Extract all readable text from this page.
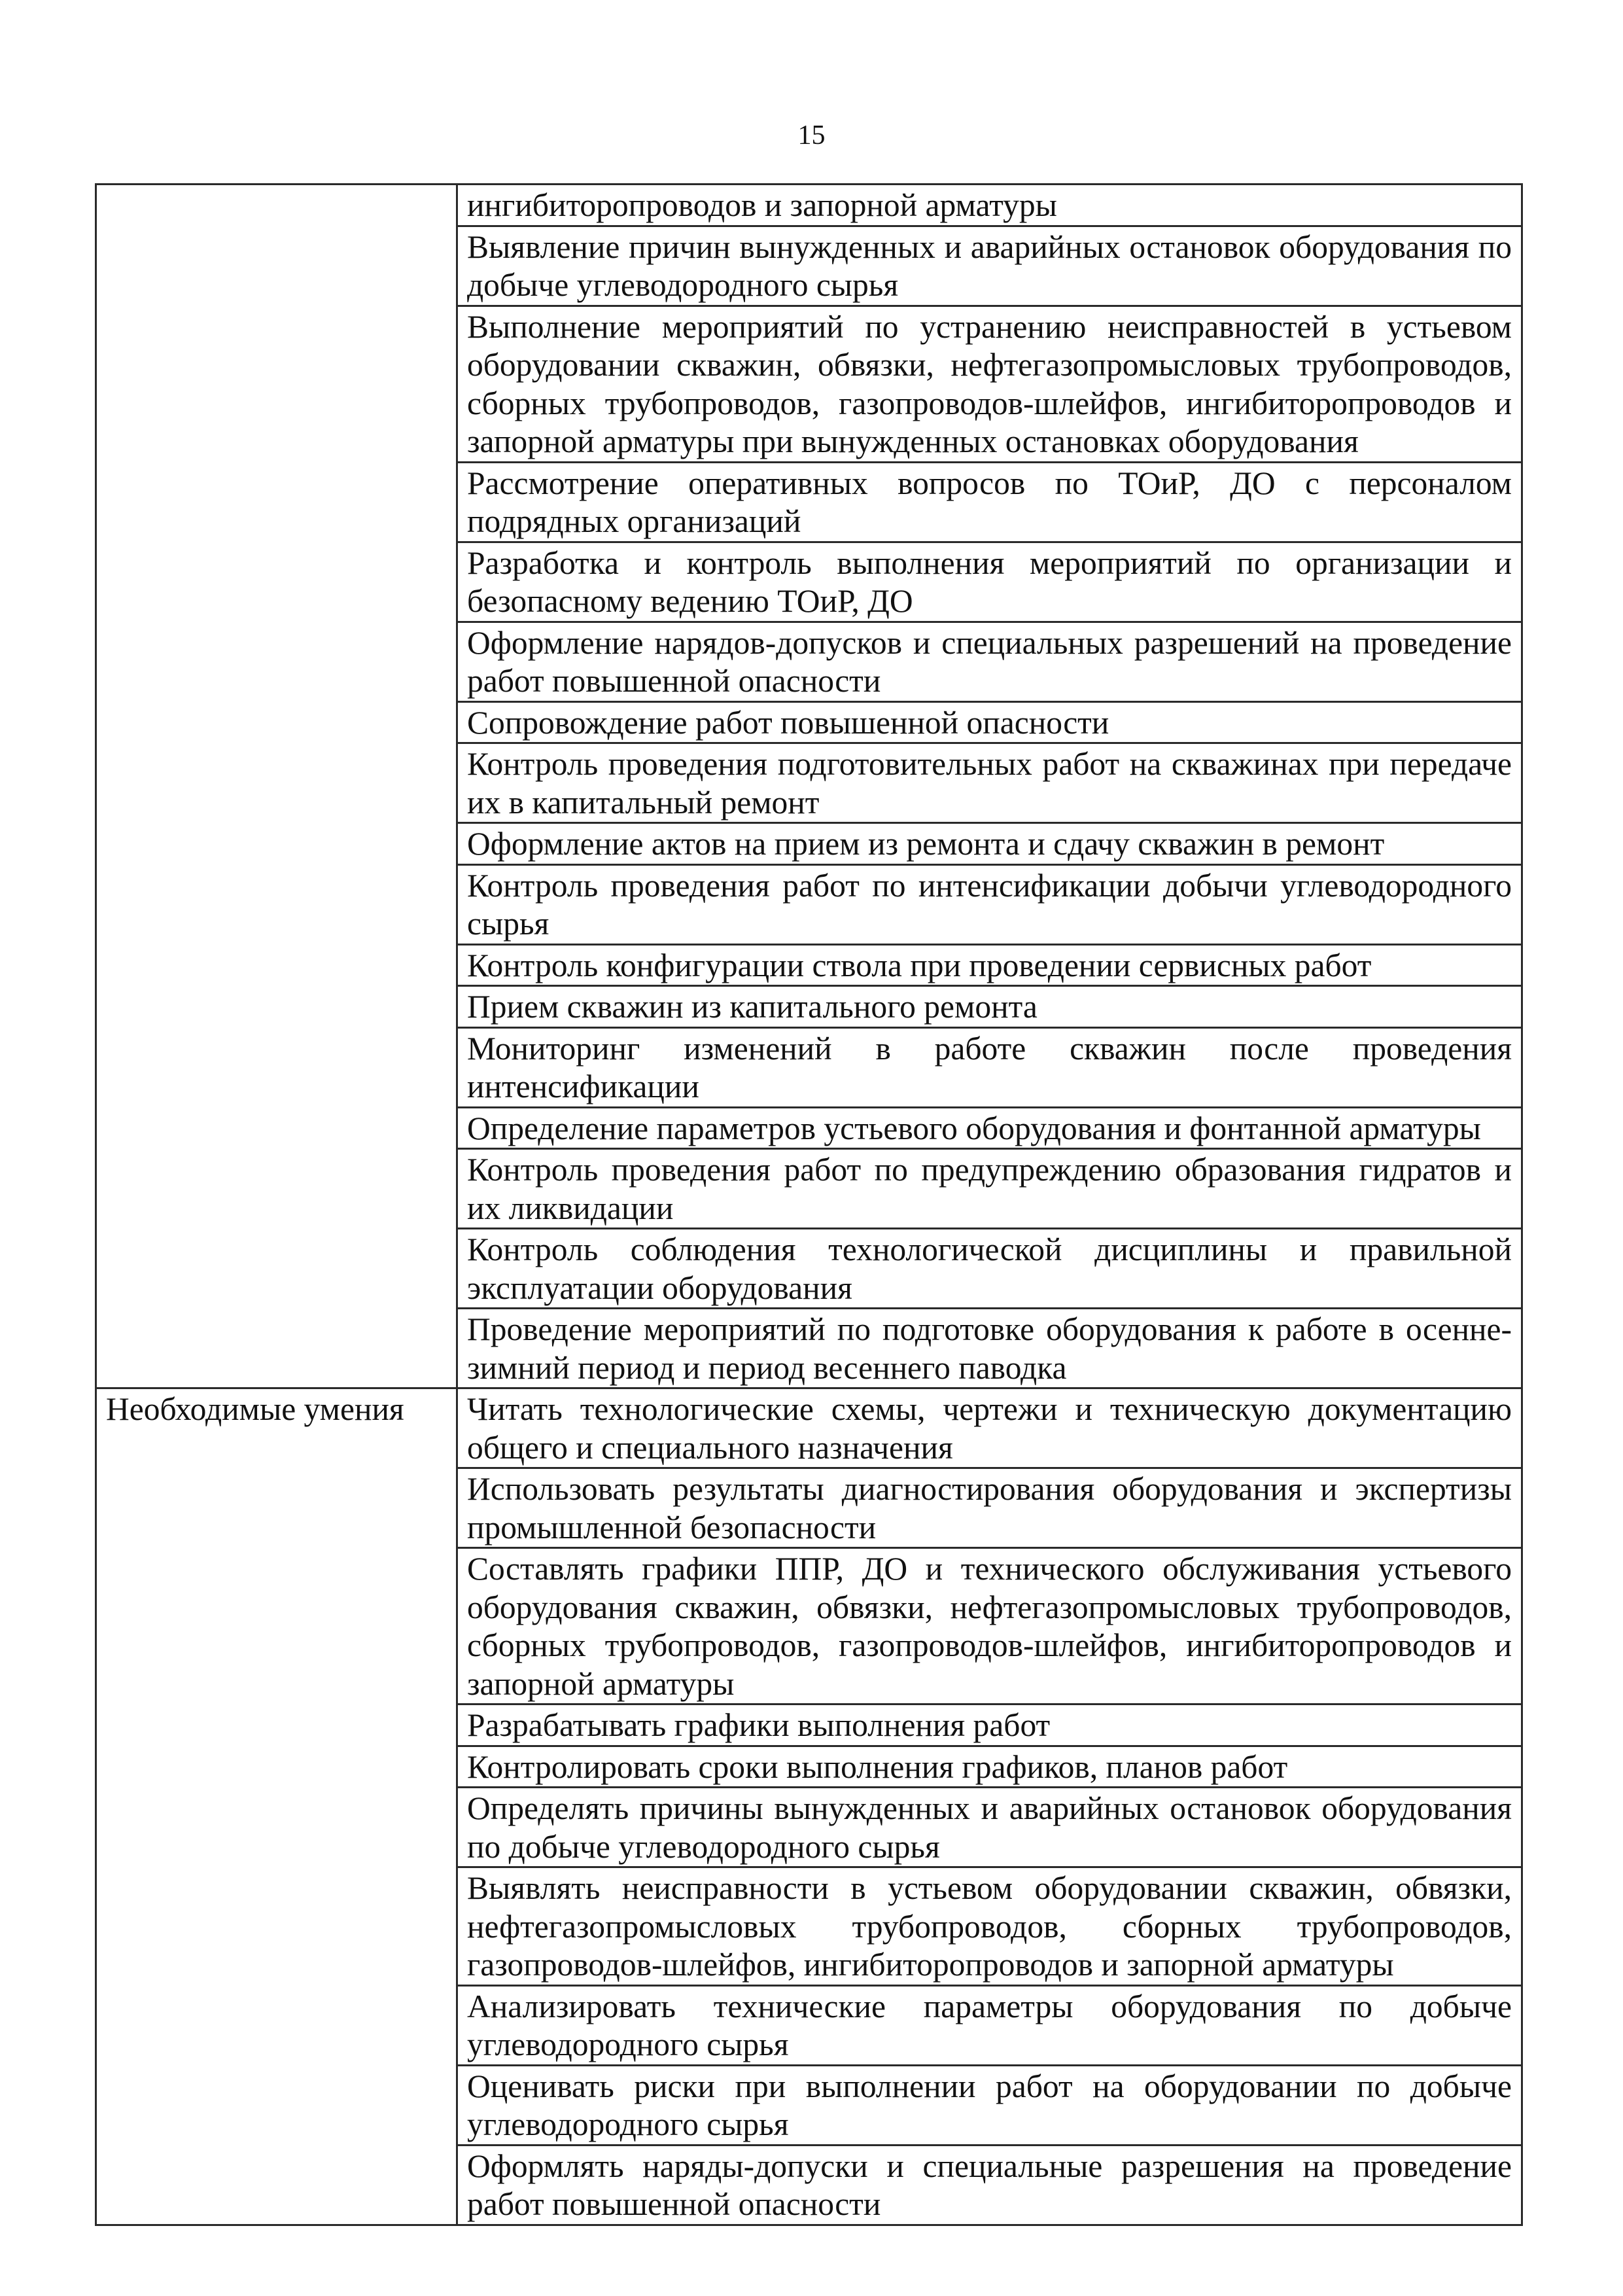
15
	ингибиторопроводов и запорной арматуры
	Выявление причин вынужденных и аварийных остановок оборудования по добыче углеводородного сырья
	Выполнение мероприятий по устранению неисправностей в устьевом оборудовании скважин, обвязки, нефтегазопромысловых трубопроводов, сборных трубопроводов, газопроводов-шлейфов, ингибиторопроводов и запорной арматуры при вынужденных остановках оборудования
	Рассмотрение оперативных вопросов по ТОиР, ДО с персоналом подрядных организаций
	Разработка и контроль выполнения мероприятий по организации и безопасному ведению ТОиР, ДО
	Оформление нарядов-допусков и специальных разрешений на проведение работ повышенной опасности
	Сопровождение работ повышенной опасности
	Контроль проведения подготовительных работ на скважинах при передаче их в капитальный ремонт
	Оформление актов на прием из ремонта и сдачу скважин в ремонт
	Контроль проведения работ по интенсификации добычи углеводородного сырья
	Контроль конфигурации ствола при проведении сервисных работ
	Прием скважин из капитального ремонта
	Мониторинг изменений в работе скважин после проведения интенсификации
	Определение параметров устьевого оборудования и фонтанной арматуры
	Контроль проведения работ по предупреждению образования гидратов и их ликвидации
	Контроль соблюдения технологической дисциплины и правильной эксплуатации оборудования
	Проведение мероприятий по подготовке оборудования к работе в осенне-зимний период и период весеннего паводка
Необходимые умения	Читать технологические схемы, чертежи и техническую документацию общего и специального назначения
	Использовать результаты диагностирования оборудования и экспертизы промышленной безопасности
	Составлять графики ППР, ДО и технического обслуживания устьевого оборудования скважин, обвязки, нефтегазопромысловых трубопроводов, сборных трубопроводов, газопроводов-шлейфов, ингибиторопроводов и запорной арматуры
	Разрабатывать графики выполнения работ
	Контролировать сроки выполнения графиков, планов работ
	Определять причины вынужденных и аварийных остановок оборудования по добыче углеводородного сырья
	Выявлять неисправности в устьевом оборудовании скважин, обвязки, нефтегазопромысловых трубопроводов, сборных трубопроводов, газопроводов-шлейфов, ингибиторопроводов и запорной арматуры
	Анализировать технические параметры оборудования по добыче углеводородного сырья
	Оценивать риски при выполнении работ на оборудовании по добыче углеводородного сырья
	Оформлять наряды-допуски и специальные разрешения на проведение работ повышенной опасности
